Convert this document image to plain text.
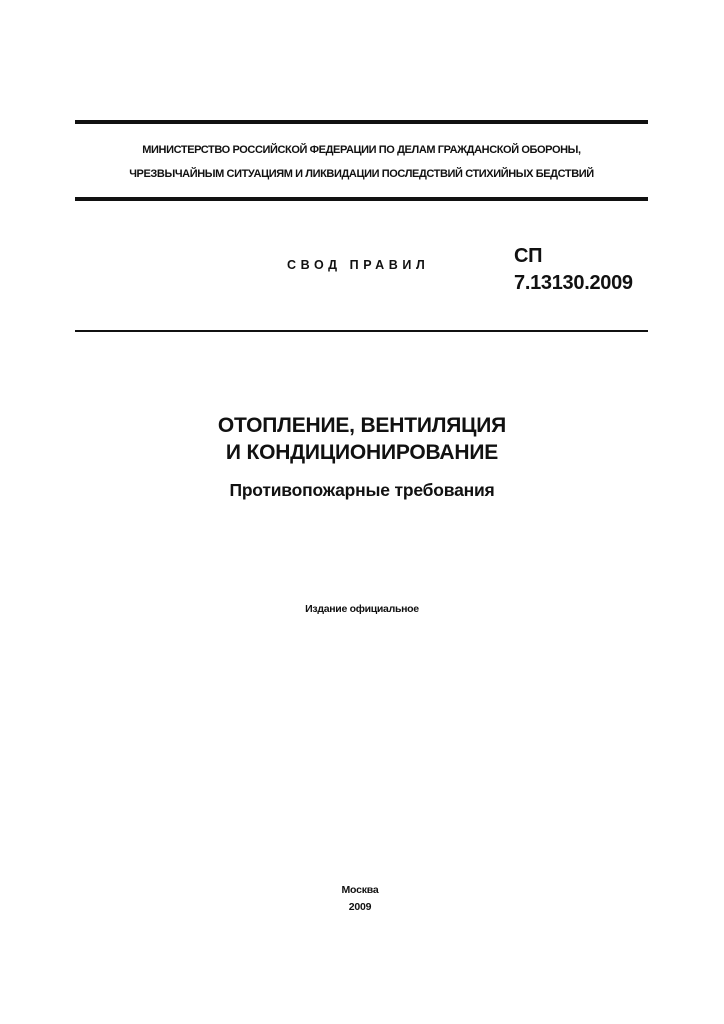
МИНИСТЕРСТВО РОССИЙСКОЙ ФЕДЕРАЦИИ ПО ДЕЛАМ ГРАЖДАНСКОЙ ОБОРОНЫ,
ЧРЕЗВЫЧАЙНЫМ СИТУАЦИЯМ И ЛИКВИДАЦИИ ПОСЛЕДСТВИЙ СТИХИЙНЫХ БЕДСТВИЙ
СВОД ПРАВИЛ	СП
7.13130.2009
ОТОПЛЕНИЕ, ВЕНТИЛЯЦИЯ
И КОНДИЦИОНИРОВАНИЕ
Противопожарные требования
Издание официальное
Москва
2009
